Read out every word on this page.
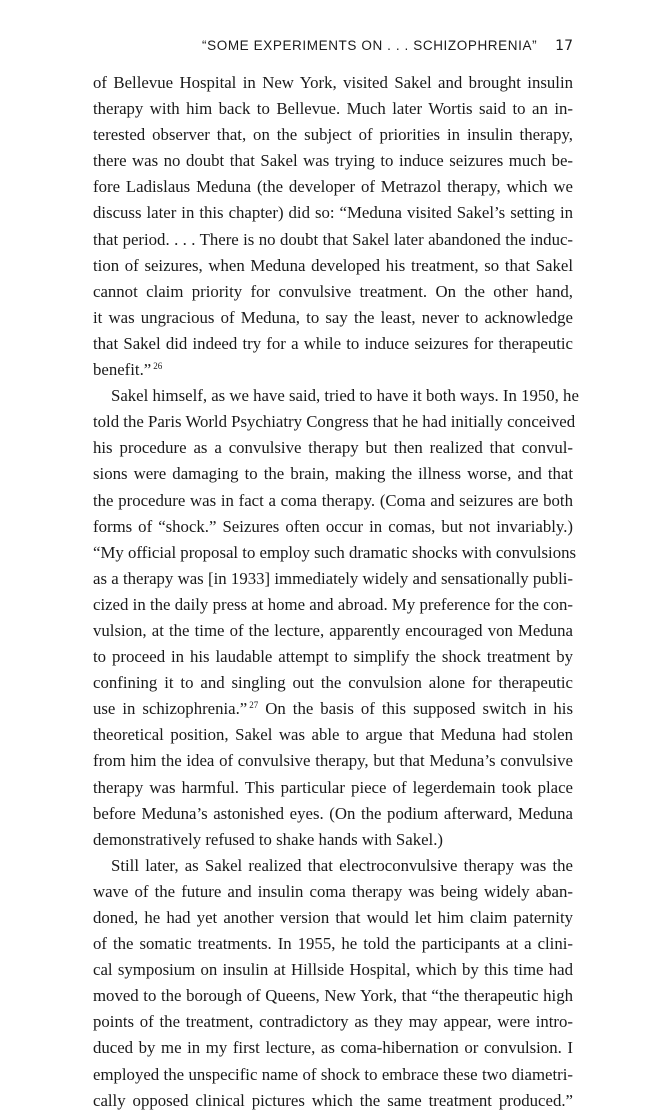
“SOME EXPERIMENTS ON . . . SCHIZOPHRENIA” 17

of Bellevue Hospital in New York, visited Sakel and brought insulin
therapy with him back to Bellevue. Much later Wortis said to an in-
terested observer that, on the subject of priorities in insulin therapy,
there was no doubt that Sakel was trying to induce seizures much be-
fore Ladislaus Meduna (the developer of Metrazol therapy, which we
discuss later in this chapter) did so: “Meduna visited Sakel’s setting in
that period. . . . There is no doubt that Sakel later abandoned the induc-
tion of seizures, when Meduna developed his treatment, so that Sakel
cannot claim priority for convulsive treatment. On the other hand,
it was ungracious of Meduna, to say the least, never to acknowledge
that Sakel did indeed try for a while to induce seizures for therapeutic
benefit.” $^{26}$

Sakel himself, as we have said, tried to have it both ways. In 1950, he
told the Paris World Psychiatry Congress that he had initially conceived
his procedure as a convulsive therapy but then realized that convul-
sions were damaging to the brain, making the illness worse, and that
the procedure was in fact a coma therapy. (Coma and seizures are both
forms of “shock.” Seizures often occur in comas, but not invariably.)
“My official proposal to employ such dramatic shocks with convulsions
as a therapy was [in 1933] immediately widely and sensationally publi-
cized in the daily press at home and abroad. My preference for the con-
vulsion, at the time of the lecture, apparently encouraged von Meduna
to proceed in his laudable attempt to simplify the shock treatment by
confining it to and singling out the convulsion alone for therapeutic
use in schizophrenia.” $^{27}$ On the basis of this supposed switch in his
theoretical position, Sakel was able to argue that Meduna had stolen
from him the idea of convulsive therapy, but that Meduna’s convulsive
therapy was harmful. This particular piece of legerdemain took place
before Meduna’s astonished eyes. (On the podium afterward, Meduna
demonstratively refused to shake hands with Sakel.)

Still later, as Sakel realized that electroconvulsive therapy was the
wave of the future and insulin coma therapy was being widely aban-
doned, he had yet another version that would let him claim paternity
of the somatic treatments. In 1955, he told the participants at a clini-
cal symposium on insulin at Hillside Hospital, which by this time had
moved to the borough of Queens, New York, that “the therapeutic high
points of the treatment, contradictory as they may appear, were intro-
duced by me in my first lecture, as coma-hibernation or convulsion. I
employed the unspecific name of shock to embrace these two diametri-
cally opposed clinical pictures which the same treatment produced.”
